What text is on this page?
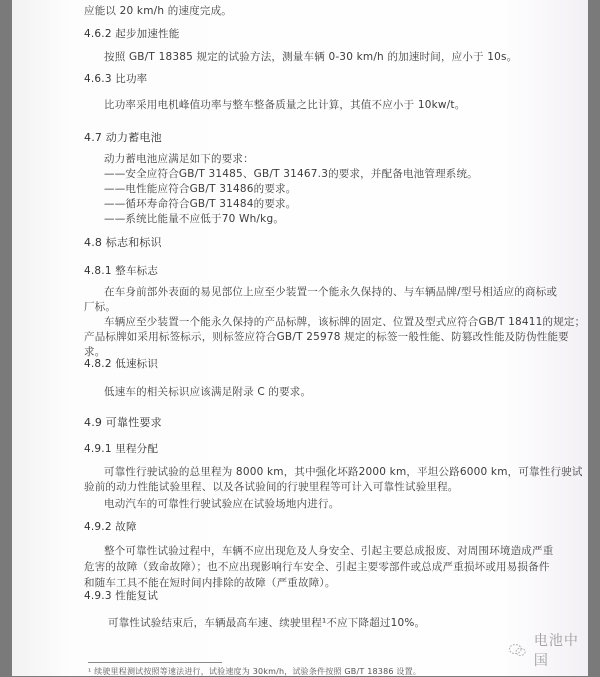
应能以 20 km/h 的速度完成。
4.6.2 起步加速性能
按照 GB/T 18385 规定的试验方法，测量车辆 0-30 km/h 的加速时间，应小于 10s。
4.6.3 比功率
比功率采用电机峰值功率与整车整备质量之比计算，其值不应小于 10kw/t。
4.7 动力蓄电池
动力蓄电池应满足如下的要求：
——安全应符合GB/T 31485、GB/T 31467.3的要求，并配备电池管理系统。
——电性能应符合GB/T 31486的要求。
——循环寿命符合GB/T 31484的要求。
——系统比能量不应低于70 Wh/kg。
4.8 标志和标识
4.8.1 整车标志
在车身前部外表面的易见部位上应至少装置一个能永久保持的、与车辆品牌/型号相适应的商标或
厂标。
车辆应至少装置一个能永久保持的产品标牌，该标牌的固定、位置及型式应符合GB/T 18411的规定；
产品标牌如采用标签标示，则标签应符合GB/T 25978 规定的标签一般性能、防篡改性能及防伪性能要
求。
4.8.2 低速标识
低速车的相关标识应该满足附录 C 的要求。
4.9 可靠性要求
4.9.1 里程分配
可靠性行驶试验的总里程为 8000 km，其中强化坏路2000 km，平坦公路6000 km，可靠性行驶试
验前的动力性能试验里程、以及各试验间的行驶里程等可计入可靠性试验里程。
电动汽车的可靠性行驶试验应在试验场地内进行。
4.9.2 故障
整个可靠性试验过程中，车辆不应出现危及人身安全、引起主要总成报废、对周围环境造成严重
危害的故障（致命故障）；也不应出现影响行车安全、引起主要零部件或总成严重损坏或用易损备件
和随车工具不能在短时间内排除的故障（严重故障）。
4.9.3 性能复试
可靠性试验结束后，车辆最高车速、续驶里程¹不应下降超过10%。
¹ 续驶里程测试按照等速法进行，试验速度为 30km/h，试验条件按照 GB/T 18386 设置。
电池中国
